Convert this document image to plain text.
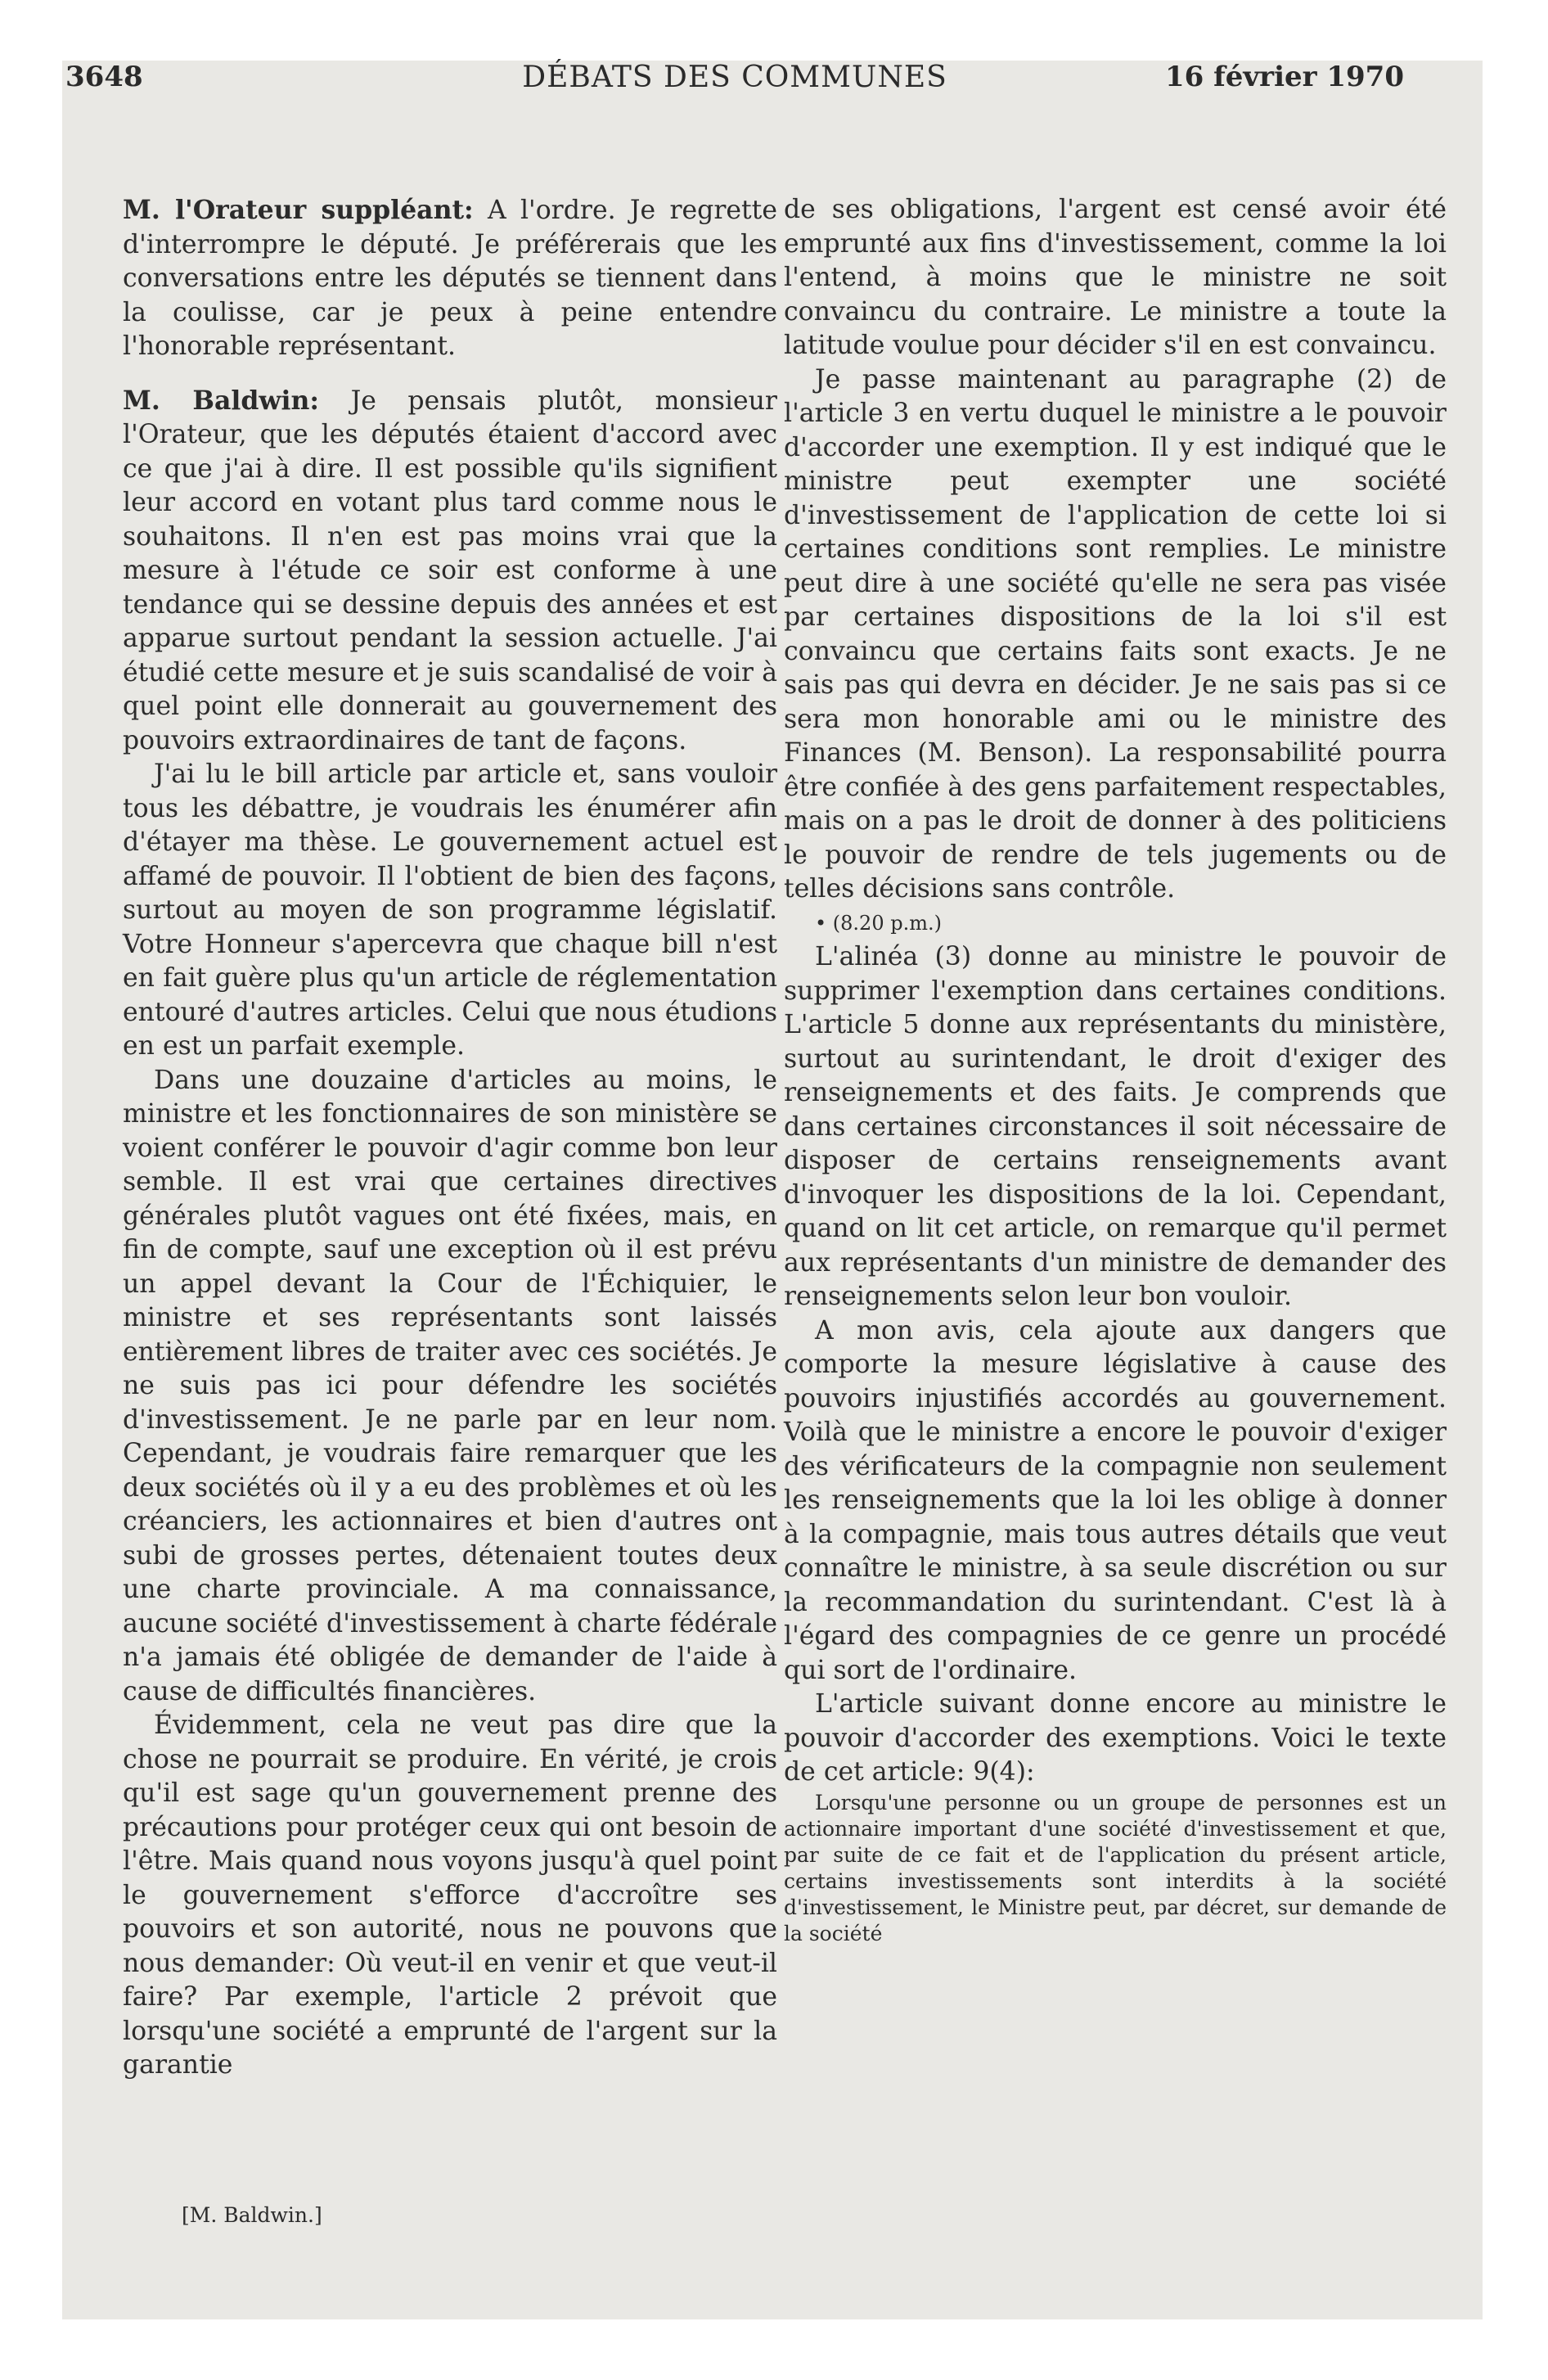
3648	DÉBATS DES COMMUNES	16 février 1970

M. l'Orateur suppléant: A l'ordre. Je regrette d'interrompre le député. Je préférerais que les conversations entre les députés se tiennent dans la coulisse, car je peux à peine entendre l'honorable représentant.

M. Baldwin: Je pensais plutôt, monsieur l'Orateur, que les députés étaient d'accord avec ce que j'ai à dire. Il est possible qu'ils signifient leur accord en votant plus tard comme nous le souhaitons. Il n'en est pas moins vrai que la mesure à l'étude ce soir est conforme à une tendance qui se dessine depuis des années et est apparue surtout pendant la session actuelle. J'ai étudié cette mesure et je suis scandalisé de voir à quel point elle donnerait au gouvernement des pouvoirs extraordinaires de tant de façons.

J'ai lu le bill article par article et, sans vouloir tous les débattre, je voudrais les énumérer afin d'étayer ma thèse. Le gouvernement actuel est affamé de pouvoir. Il l'obtient de bien des façons, surtout au moyen de son programme législatif. Votre Honneur s'apercevra que chaque bill n'est en fait guère plus qu'un article de réglementation entouré d'autres articles. Celui que nous étudions en est un parfait exemple.

Dans une douzaine d'articles au moins, le ministre et les fonctionnaires de son ministère se voient conférer le pouvoir d'agir comme bon leur semble. Il est vrai que certaines directives générales plutôt vagues ont été fixées, mais, en fin de compte, sauf une exception où il est prévu un appel devant la Cour de l'Échiquier, le ministre et ses représentants sont laissés entièrement libres de traiter avec ces sociétés. Je ne suis pas ici pour défendre les sociétés d'investissement. Je ne parle par en leur nom. Cependant, je voudrais faire remarquer que les deux sociétés où il y a eu des problèmes et où les créanciers, les actionnaires et bien d'autres ont subi de grosses pertes, détenaient toutes deux une charte provinciale. A ma connaissance, aucune société d'investissement à charte fédérale n'a jamais été obligée de demander de l'aide à cause de difficultés financières.

Évidemment, cela ne veut pas dire que la chose ne pourrait se produire. En vérité, je crois qu'il est sage qu'un gouvernement prenne des précautions pour protéger ceux qui ont besoin de l'être. Mais quand nous voyons jusqu'à quel point le gouvernement s'efforce d'accroître ses pouvoirs et son autorité, nous ne pouvons que nous demander: Où veut-il en venir et que veut-il faire? Par exemple, l'article 2 prévoit que lorsqu'une société a emprunté de l'argent sur la garantie

[M. Baldwin.]

de ses obligations, l'argent est censé avoir été emprunté aux fins d'investissement, comme la loi l'entend, à moins que le ministre ne soit convaincu du contraire. Le ministre a toute la latitude voulue pour décider s'il en est convaincu.

Je passe maintenant au paragraphe (2) de l'article 3 en vertu duquel le ministre a le pouvoir d'accorder une exemption. Il y est indiqué que le ministre peut exempter une société d'investissement de l'application de cette loi si certaines conditions sont remplies. Le ministre peut dire à une société qu'elle ne sera pas visée par certaines dispositions de la loi s'il est convaincu que certains faits sont exacts. Je ne sais pas qui devra en décider. Je ne sais pas si ce sera mon honorable ami ou le ministre des Finances (M. Benson). La responsabilité pourra être confiée à des gens parfaitement respectables, mais on a pas le droit de donner à des politiciens le pouvoir de rendre de tels jugements ou de telles décisions sans contrôle.

• (8.20 p.m.)

L'alinéa (3) donne au ministre le pouvoir de supprimer l'exemption dans certaines conditions. L'article 5 donne aux représentants du ministère, surtout au surintendant, le droit d'exiger des renseignements et des faits. Je comprends que dans certaines circonstances il soit nécessaire de disposer de certains renseignements avant d'invoquer les dispositions de la loi. Cependant, quand on lit cet article, on remarque qu'il permet aux représentants d'un ministre de demander des renseignements selon leur bon vouloir.

A mon avis, cela ajoute aux dangers que comporte la mesure législative à cause des pouvoirs injustifiés accordés au gouvernement. Voilà que le ministre a encore le pouvoir d'exiger des vérificateurs de la compagnie non seulement les renseignements que la loi les oblige à donner à la compagnie, mais tous autres détails que veut connaître le ministre, à sa seule discrétion ou sur la recommandation du surintendant. C'est là à l'égard des compagnies de ce genre un procédé qui sort de l'ordinaire.

L'article suivant donne encore au ministre le pouvoir d'accorder des exemptions. Voici le texte de cet article: 9(4):

Lorsqu'une personne ou un groupe de personnes est un actionnaire important d'une société d'investissement et que, par suite de ce fait et de l'application du présent article, certains investissements sont interdits à la société d'investissement, le Ministre peut, par décret, sur demande de la société
